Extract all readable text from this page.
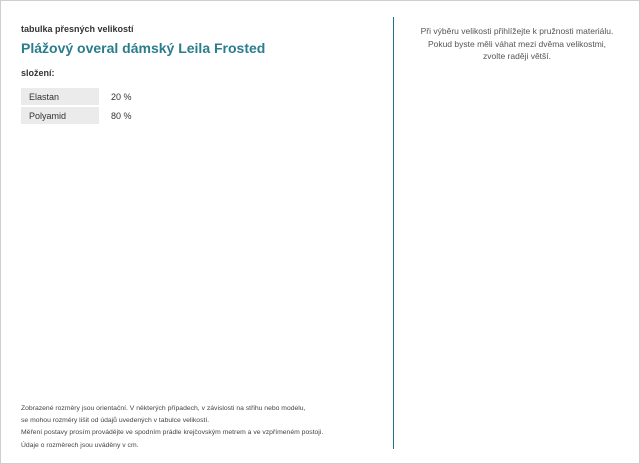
tabulka přesných velikostí

Plážový overal dámský Leila Frosted
složení:
Elastan	20 %
Polyamid	80 %
Při výběru velikosti přihlížejte k pružnosti materiálu.
Pokud byste měli váhat mezi dvěma velikostmi,
zvolte raději větší.
Zobrazené rozměry jsou orientační. V některých případech, v závislosti na střihu nebo modelu,
se mohou rozměry lišit od údajů uvedených v tabulce velikostí.
Měření postavy prosím provádějte ve spodním prádle krejčovským metrem a ve vzpřímeném postoji.
Údaje o rozměrech jsou uváděny v cm.
